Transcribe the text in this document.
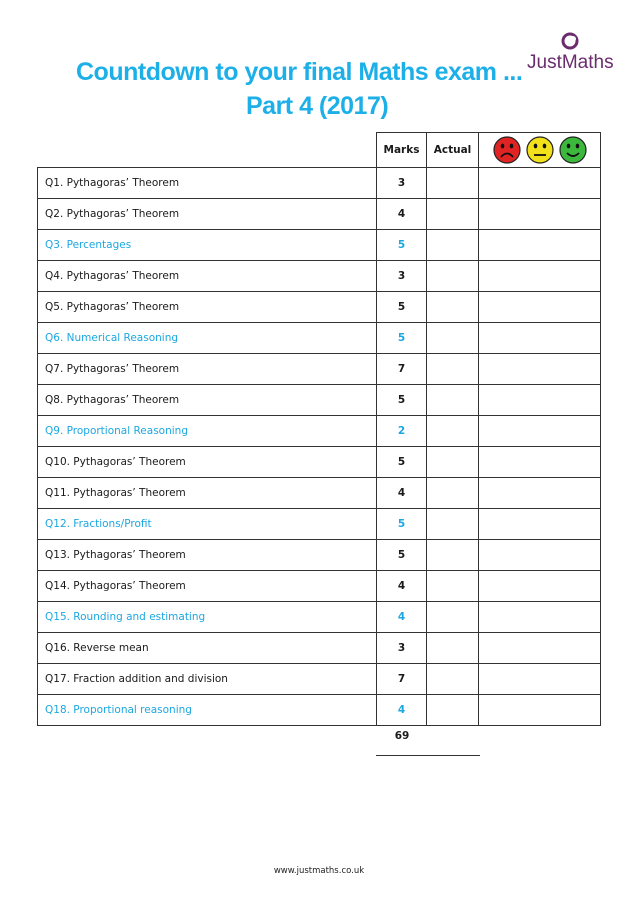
Countdown to your final Maths exam ...
Part 4 (2017)
JustMaths
	Marks	Actual	

Q1. Pythagoras’ Theorem	3		
Q2. Pythagoras’ Theorem	4		
Q3. Percentages	5		
Q4. Pythagoras’ Theorem	3		
Q5. Pythagoras’ Theorem	5		
Q6. Numerical Reasoning	5		
Q7. Pythagoras’ Theorem	7		
Q8. Pythagoras’ Theorem	5		
Q9. Proportional Reasoning	2		
Q10. Pythagoras’ Theorem	5		
Q11. Pythagoras’ Theorem	4		
Q12. Fractions/Profit	5		
Q13. Pythagoras’ Theorem	5		
Q14. Pythagoras’ Theorem	4		
Q15. Rounding and estimating	4		
Q16. Reverse mean	3		
Q17. Fraction addition and division	7		
Q18. Proportional reasoning	4		
69
www.justmaths.co.uk
